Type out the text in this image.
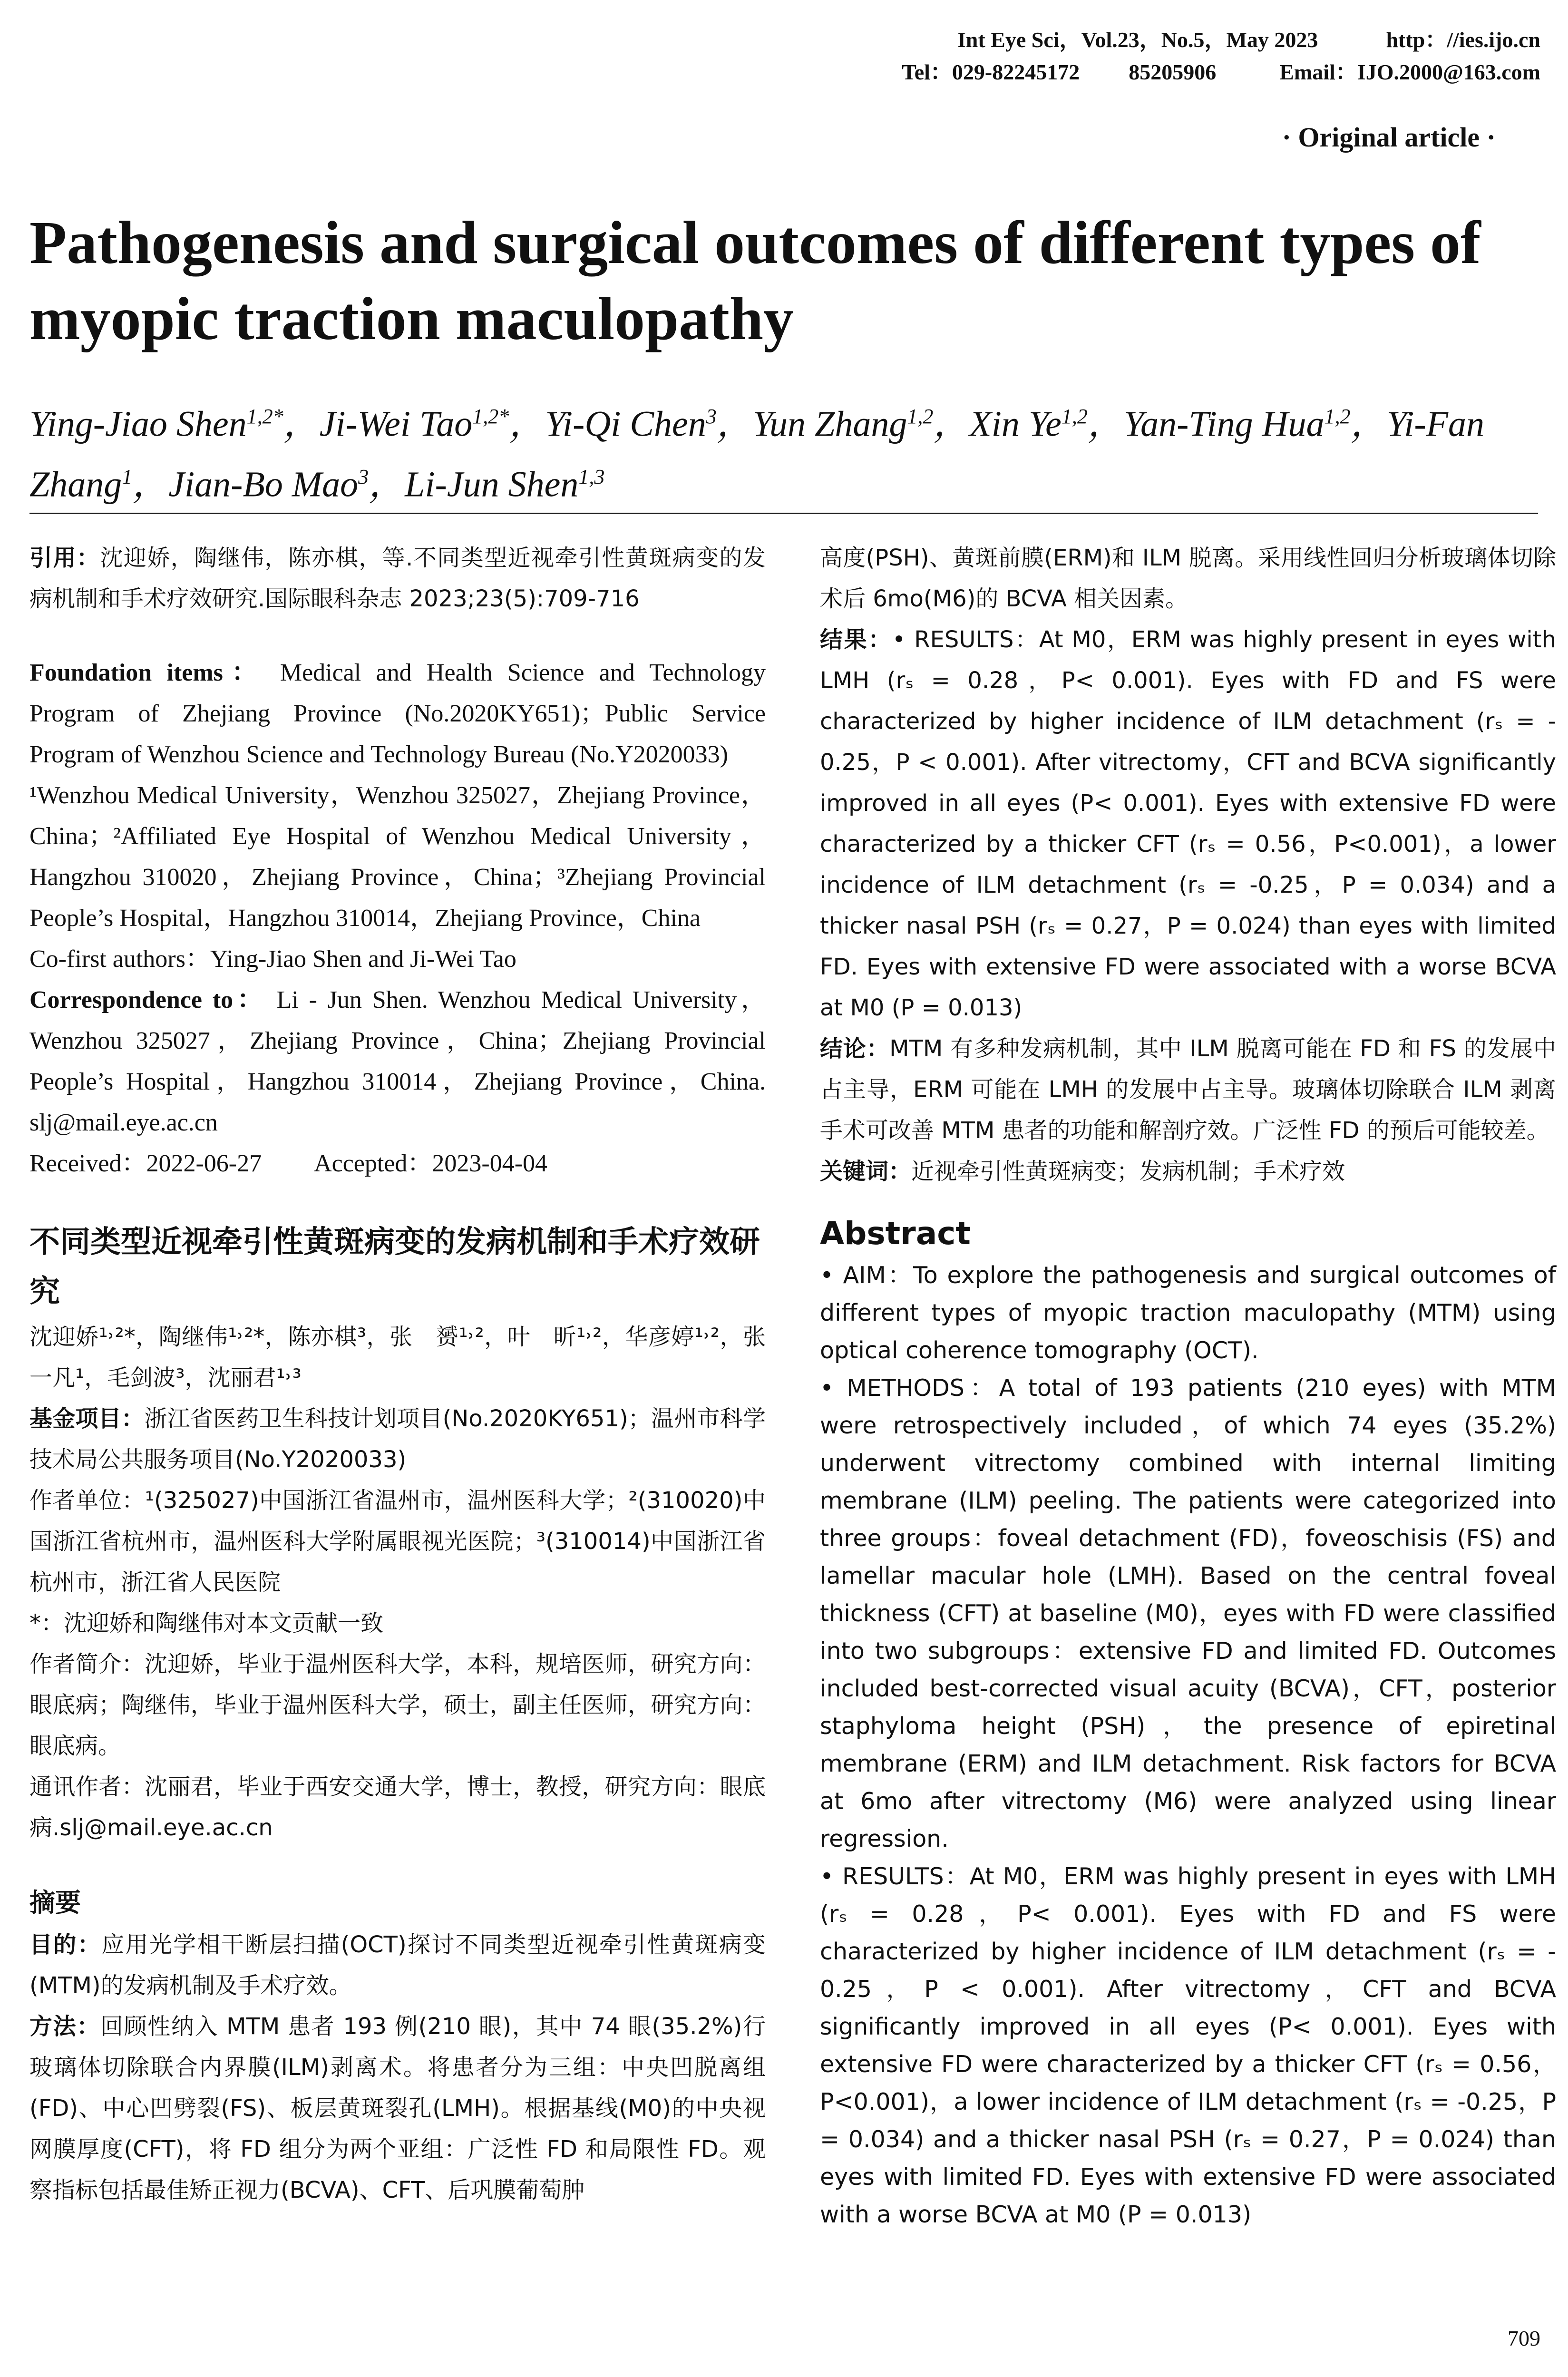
Int Eye Sci，Vol.23，No.5，May 2023	http：//ies.ijo.cn
Tel：029-82245172 85205906	Email：IJO.2000@163.com
· Original article ·
Pathogenesis and surgical outcomes of different types of myopic traction maculopathy
Ying-Jiao Shen$^{1,2*}$，Ji-Wei Tao$^{1,2*}$，Yi-Qi Chen$^3$，Yun Zhang$^{1,2}$，Xin Ye$^{1,2}$，Yan-Ting Hua$^{1,2}$，Yi-Fan Zhang$^1$，Jian-Bo Mao$^3$，Li-Jun Shen$^{1,3}$

引用：沈迎娇，陶继伟，陈亦棋，等.不同类型近视牵引性黄斑病变的发病机制和手术疗效研究.国际眼科杂志 2023;23(5):709-716

Foundation items： Medical and Health Science and Technology Program of Zhejiang Province (No.2020KY651)；Public Service Program of Wenzhou Science and Technology Bureau (No.Y2020033)

¹Wenzhou Medical University，Wenzhou 325027，Zhejiang Province，China；²Affiliated Eye Hospital of Wenzhou Medical University，Hangzhou 310020，Zhejiang Province，China；³Zhejiang Provincial People’s Hospital，Hangzhou 310014，Zhejiang Province，China

Co-first authors：Ying-Jiao Shen and Ji-Wei Tao

Correspondence to： Li - Jun Shen. Wenzhou Medical University，Wenzhou 325027，Zhejiang Province，China；Zhejiang Provincial People’s Hospital，Hangzhou 310014，Zhejiang Province，China. slj@mail.eye.ac.cn

Received：2022-06-27 Accepted：2023-04-04

不同类型近视牵引性黄斑病变的发病机制和手术疗效研究

沈迎娇¹˒²*，陶继伟¹˒²*，陈亦棋³，张　赟¹˒²，叶　昕¹˒²，华彦婷¹˒²，张一凡¹，毛剑波³，沈丽君¹˒³

基金项目：浙江省医药卫生科技计划项目(No.2020KY651)；温州市科学技术局公共服务项目(No.Y2020033)

作者单位：¹(325027)中国浙江省温州市，温州医科大学；²(310020)中国浙江省杭州市，温州医科大学附属眼视光医院；³(310014)中国浙江省杭州市，浙江省人民医院

*：沈迎娇和陶继伟对本文贡献一致

作者简介：沈迎娇，毕业于温州医科大学，本科，规培医师，研究方向：眼底病；陶继伟，毕业于温州医科大学，硕士，副主任医师，研究方向：眼底病。

通讯作者：沈丽君，毕业于西安交通大学，博士，教授，研究方向：眼底病.slj@mail.eye.ac.cn

摘要

目的：应用光学相干断层扫描(OCT)探讨不同类型近视牵引性黄斑病变(MTM)的发病机制及手术疗效。

方法：回顾性纳入 MTM 患者 193 例(210 眼)，其中 74 眼(35.2%)行玻璃体切除联合内界膜(ILM)剥离术。将患者分为三组：中央凹脱离组(FD)、中心凹劈裂(FS)、板层黄斑裂孔(LMH)。根据基线(M0)的中央视网膜厚度(CFT)，将 FD 组分为两个亚组：广泛性 FD 和局限性 FD。观察指标包括最佳矫正视力(BCVA)、CFT、后巩膜葡萄肿

高度(PSH)、黄斑前膜(ERM)和 ILM 脱离。采用线性回归分析玻璃体切除术后 6mo(M6)的 BCVA 相关因素。

结果：• RESULTS：At M0，ERM was highly present in eyes with LMH (rₛ = 0.28，P< 0.001). Eyes with FD and FS were characterized by higher incidence of ILM detachment (rₛ = - 0.25，P < 0.001). After vitrectomy，CFT and BCVA significantly improved in all eyes (P< 0.001). Eyes with extensive FD were characterized by a thicker CFT (rₛ = 0.56，P<0.001)，a lower incidence of ILM detachment (rₛ = -0.25，P = 0.034) and a thicker nasal PSH (rₛ = 0.27，P = 0.024) than eyes with limited FD. Eyes with extensive FD were associated with a worse BCVA at M0 (P = 0.013)

结论：MTM 有多种发病机制，其中 ILM 脱离可能在 FD 和 FS 的发展中占主导，ERM 可能在 LMH 的发展中占主导。玻璃体切除联合 ILM 剥离手术可改善 MTM 患者的功能和解剖疗效。广泛性 FD 的预后可能较差。

关键词：近视牵引性黄斑病变；发病机制；手术疗效

Abstract

• AIM：To explore the pathogenesis and surgical outcomes of different types of myopic traction maculopathy (MTM) using optical coherence tomography (OCT).

• METHODS：A total of 193 patients (210 eyes) with MTM were retrospectively included，of which 74 eyes (35.2%) underwent vitrectomy combined with internal limiting membrane (ILM) peeling. The patients were categorized into three groups：foveal detachment (FD)，foveoschisis (FS) and lamellar macular hole (LMH). Based on the central foveal thickness (CFT) at baseline (M0)，eyes with FD were classified into two subgroups：extensive FD and limited FD. Outcomes included best-corrected visual acuity (BCVA)，CFT，posterior staphyloma height (PSH)，the presence of epiretinal membrane (ERM) and ILM detachment. Risk factors for BCVA at 6mo after vitrectomy (M6) were analyzed using linear regression.

• RESULTS：At M0，ERM was highly present in eyes with LMH (rₛ = 0.28，P< 0.001). Eyes with FD and FS were characterized by higher incidence of ILM detachment (rₛ = - 0.25，P < 0.001). After vitrectomy，CFT and BCVA significantly improved in all eyes (P< 0.001). Eyes with extensive FD were characterized by a thicker CFT (rₛ = 0.56，P<0.001)，a lower incidence of ILM detachment (rₛ = -0.25，P = 0.034) and a thicker nasal PSH (rₛ = 0.27，P = 0.024) than eyes with limited FD. Eyes with extensive FD were associated with a worse BCVA at M0 (P = 0.013)

709
